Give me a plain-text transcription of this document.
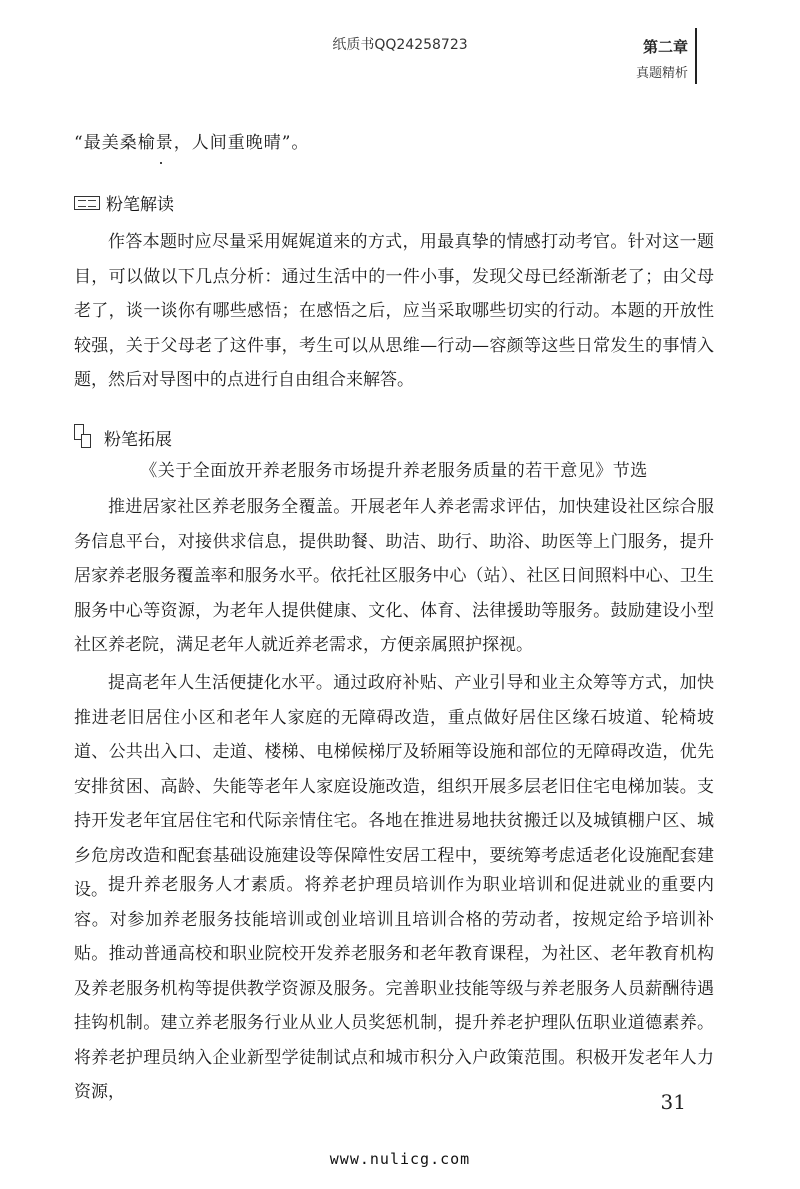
纸质书QQ24258723	第二章
真题精析
“最美桑榆景，人间重晚晴”。
粉笔解读

作答本题时应尽量采用娓娓道来的方式，用最真挚的情感打动考官。针对这一题目，可以做以下几点分析：通过生活中的一件小事，发现父母已经渐渐老了；由父母老了，谈一谈你有哪些感悟；在感悟之后，应当采取哪些切实的行动。本题的开放性较强，关于父母老了这件事，考生可以从思维—行动—容颜等这些日常发生的事情入题，然后对导图中的点进行自由组合来解答。

粉笔拓展
《关于全面放开养老服务市场提升养老服务质量的若干意见》节选

推进居家社区养老服务全覆盖。开展老年人养老需求评估，加快建设社区综合服务信息平台，对接供求信息，提供助餐、助洁、助行、助浴、助医等上门服务，提升居家养老服务覆盖率和服务水平。依托社区服务中心（站）、社区日间照料中心、卫生服务中心等资源，为老年人提供健康、文化、体育、法律援助等服务。鼓励建设小型社区养老院，满足老年人就近养老需求，方便亲属照护探视。

提高老年人生活便捷化水平。通过政府补贴、产业引导和业主众筹等方式，加快推进老旧居住小区和老年人家庭的无障碍改造，重点做好居住区缘石坡道、轮椅坡道、公共出入口、走道、楼梯、电梯候梯厅及轿厢等设施和部位的无障碍改造，优先安排贫困、高龄、失能等老年人家庭设施改造，组织开展多层老旧住宅电梯加装。支持开发老年宜居住宅和代际亲情住宅。各地在推进易地扶贫搬迁以及城镇棚户区、城乡危房改造和配套基础设施建设等保障性安居工程中，要统筹考虑适老化设施配套建设。 提升养老服务人才素质。将养老护理员培训作为职业培训和促进就业的重要内容。对参加养老服务技能培训或创业培训且培训合格的劳动者，按规定给予培训补贴。推动普通高校和职业院校开发养老服务和老年教育课程，为社区、老年教育机构及养老服务机构等提供教学资源及服务。完善职业技能等级与养老服务人员薪酬待遇挂钩机制。建立养老服务行业从业人员奖惩机制，提升养老护理队伍职业道德素养。将养老护理员纳入企业新型学徒制试点和城市积分入户政策范围。积极开发老年人力资源，	31
www.nulicg.com
